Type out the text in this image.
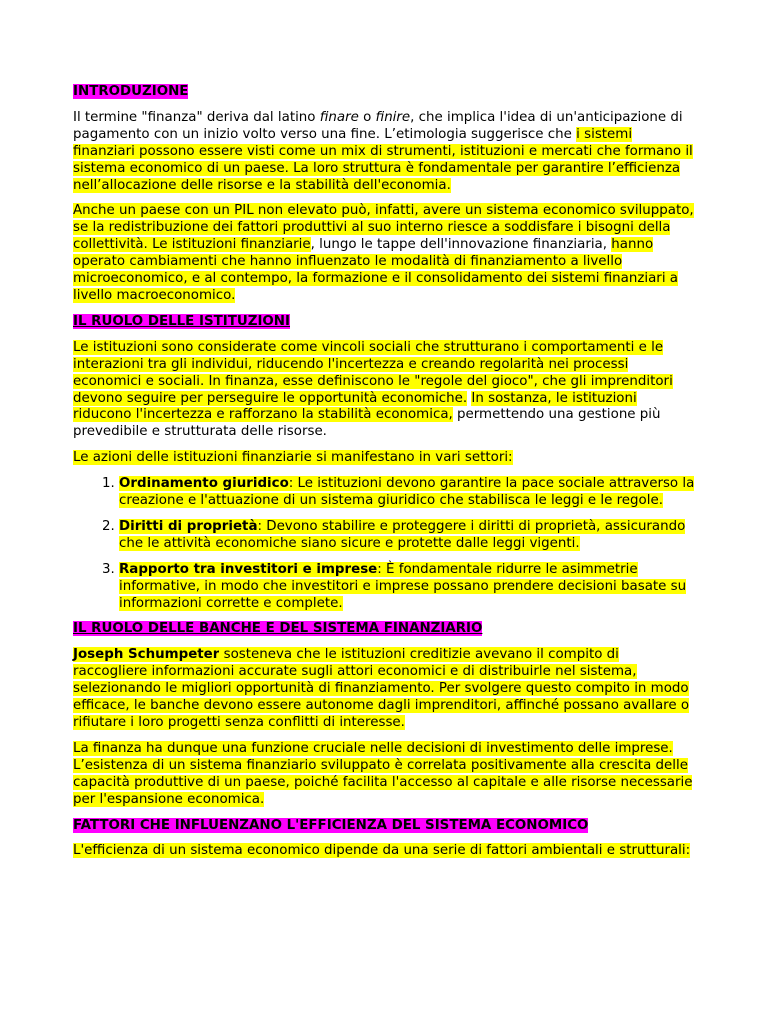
INTRODUZIONE

Il termine "finanza" deriva dal latino finare o finire, che implica l'idea di un'anticipazione di pagamento con un inizio volto verso una fine. L’etimologia suggerisce che i sistemi finanziari possono essere visti come un mix di strumenti, istituzioni e mercati che formano il sistema economico di un paese. La loro struttura è fondamentale per garantire l’efficienza nell’allocazione delle risorse e la stabilità dell'economia.

Anche un paese con un PIL non elevato può, infatti, avere un sistema economico sviluppato, se la redistribuzione dei fattori produttivi al suo interno riesce a soddisfare i bisogni della collettività. Le istituzioni finanziarie, lungo le tappe dell'innovazione finanziaria, hanno operato cambiamenti che hanno influenzato le modalità di finanziamento a livello microeconomico, e al contempo, la formazione e il consolidamento dei sistemi finanziari a livello macroeconomico.

IL RUOLO DELLE ISTITUZIONI

Le istituzioni sono considerate come vincoli sociali che strutturano i comportamenti e le interazioni tra gli individui, riducendo l'incertezza e creando regolarità nei processi economici e sociali. In finanza, esse definiscono le "regole del gioco", che gli imprenditori devono seguire per perseguire le opportunità economiche. In sostanza, le istituzioni riducono l'incertezza e rafforzano la stabilità economica, permettendo una gestione più prevedibile e strutturata delle risorse.

Le azioni delle istituzioni finanziarie si manifestano in vari settori:

1. Ordinamento giuridico: Le istituzioni devono garantire la pace sociale attraverso la creazione e l'attuazione di un sistema giuridico che stabilisca le leggi e le regole.
2. Diritti di proprietà: Devono stabilire e proteggere i diritti di proprietà, assicurando che le attività economiche siano sicure e protette dalle leggi vigenti.
3. Rapporto tra investitori e imprese: È fondamentale ridurre le asimmetrie informative, in modo che investitori e imprese possano prendere decisioni basate su informazioni corrette e complete.
IL RUOLO DELLE BANCHE E DEL SISTEMA FINANZIARIO

Joseph Schumpeter sosteneva che le istituzioni creditizie avevano il compito di raccogliere informazioni accurate sugli attori economici e di distribuirle nel sistema, selezionando le migliori opportunità di finanziamento. Per svolgere questo compito in modo efficace, le banche devono essere autonome dagli imprenditori, affinché possano avallare o rifiutare i loro progetti senza conflitti di interesse.

La finanza ha dunque una funzione cruciale nelle decisioni di investimento delle imprese. L’esistenza di un sistema finanziario sviluppato è correlata positivamente alla crescita delle capacità produttive di un paese, poiché facilita l'accesso al capitale e alle risorse necessarie per l'espansione economica.

FATTORI CHE INFLUENZANO L'EFFICIENZA DEL SISTEMA ECONOMICO

L'efficienza di un sistema economico dipende da una serie di fattori ambientali e strutturali:
